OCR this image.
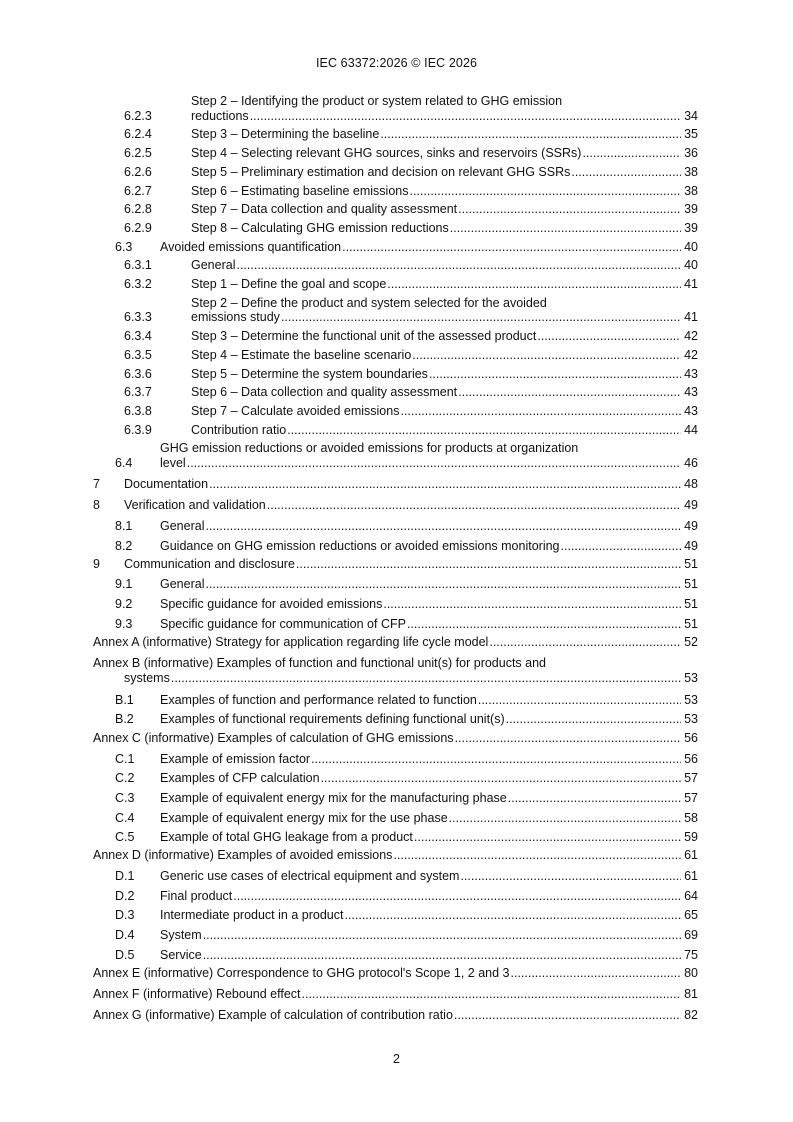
IEC 63372:2026 © IEC 2026
6.2.3
Step 2 – Identifying the product or system related to GHG emission
reductions .....	34
6.2.4	Step 3 – Determining the baseline .....	35
6.2.5	Step 4 – Selecting relevant GHG sources, sinks and reservoirs (SSRs) .....	36
6.2.6	Step 5 – Preliminary estimation and decision on relevant GHG SSRs .....	38
6.2.7	Step 6 – Estimating baseline emissions .....	38
6.2.8	Step 7 – Data collection and quality assessment .....	39
6.2.9	Step 8 – Calculating GHG emission reductions .....	39
6.3	Avoided emissions quantification .....	40
6.3.1	General .....	40
6.3.2	Step 1 – Define the goal and scope .....	41
6.3.3
Step 2 – Define the product and system selected for the avoided
emissions study .....	41
6.3.4	Step 3 – Determine the functional unit of the assessed product .....	42
6.3.5	Step 4 – Estimate the baseline scenario .....	42
6.3.6	Step 5 – Determine the system boundaries .....	43
6.3.7	Step 6 – Data collection and quality assessment .....	43
6.3.8	Step 7 – Calculate avoided emissions .....	43
6.3.9	Contribution ratio .....	44
6.4
GHG emission reductions or avoided emissions for products at organization
level .....	46
7	Documentation .....	48
8	Verification and validation .....	49
8.1	General .....	49
8.2	Guidance on GHG emission reductions or avoided emissions monitoring .....	49
9	Communication and disclosure .....	51
9.1	General .....	51
9.2	Specific guidance for avoided emissions .....	51
9.3	Specific guidance for communication of CFP .....	51
Annex A (informative) Strategy for application regarding life cycle model .....	52
Annex B (informative) Examples of function and functional unit(s) for products and
systems .....	53
B.1	Examples of function and performance related to function .....	53
B.2	Examples of functional requirements defining functional unit(s) .....	53
Annex C (informative) Examples of calculation of GHG emissions .....	56
C.1	Example of emission factor .....	56
C.2	Examples of CFP calculation .....	57
C.3	Example of equivalent energy mix for the manufacturing phase .....	57
C.4	Example of equivalent energy mix for the use phase .....	58
C.5	Example of total GHG leakage from a product .....	59
Annex D (informative) Examples of avoided emissions .....	61
D.1	Generic use cases of electrical equipment and system .....	61
D.2	Final product .....	64
D.3	Intermediate product in a product .....	65
D.4	System .....	69
D.5	Service .....	75
Annex E (informative) Correspondence to GHG protocol's Scope 1, 2 and 3 .....	80
Annex F (informative) Rebound effect .....	81
Annex G (informative) Example of calculation of contribution ratio .....	82
2
